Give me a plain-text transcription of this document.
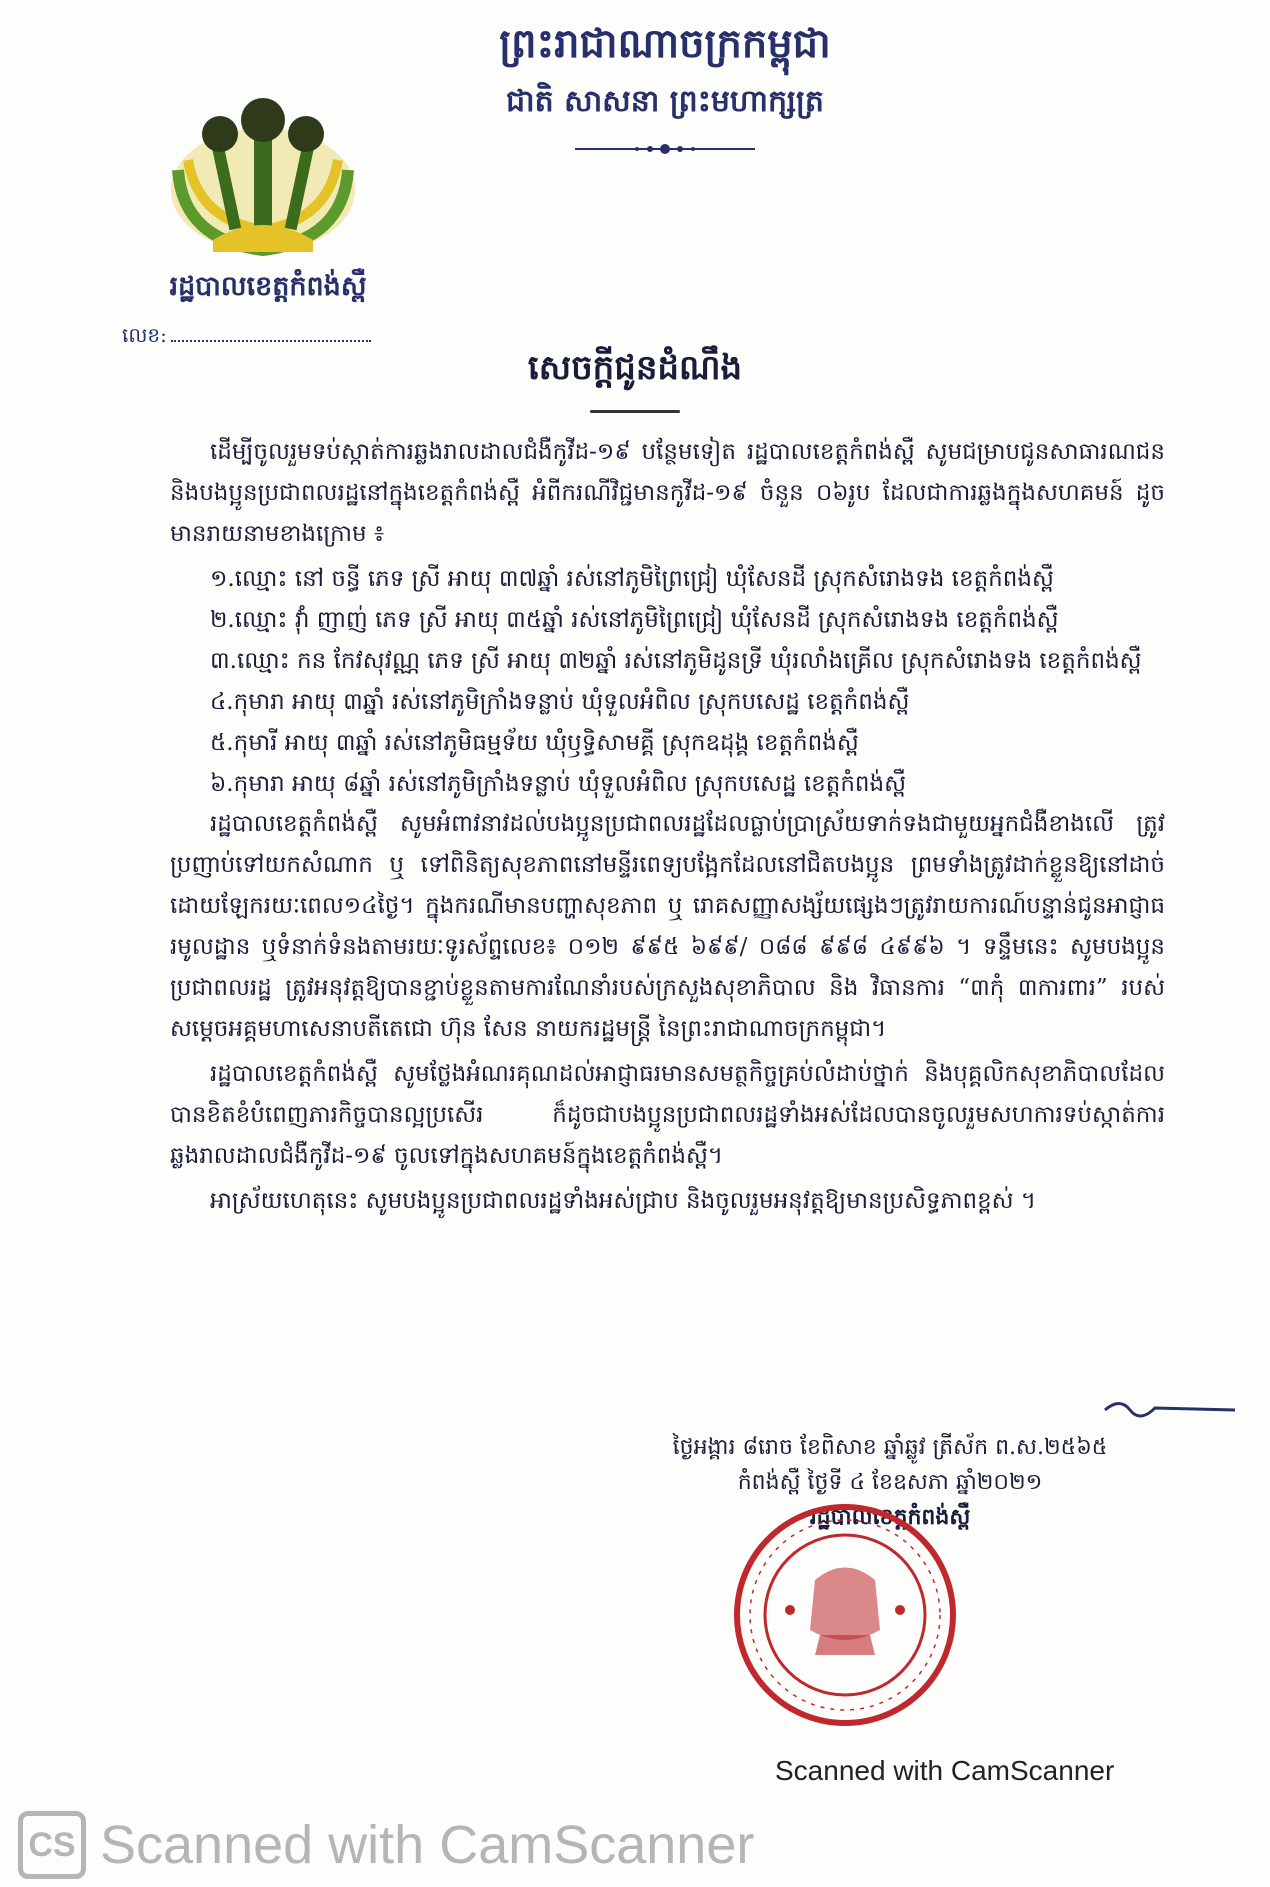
ព្រះរាជាណាចក្រកម្ពុជា
ជាតិ សាសនា ព្រះមហាក្សត្រ
រដ្ឋបាលខេត្តកំពង់ស្ពឺ
លេខ:
សេចក្ដីជូនដំណឹង

ដើម្បីចូលរួមទប់ស្កាត់ការឆ្លងរាលដាលជំងឺកូវីដ-១៩ បន្ថែមទៀត រដ្ឋបាលខេត្តកំពង់ស្ពឺ សូមជម្រាបជូនសាធារណជន និងបងប្អូនប្រជាពលរដ្ឋនៅក្នុងខេត្តកំពង់ស្ពឺ អំពីករណីវិជ្ជមានកូវីដ-១៩ ចំនួន ០៦រូប ដែលជាការឆ្លងក្នុងសហគមន៍ ដូចមានរាយនាមខាងក្រោម ៖

១.ឈ្មោះ នៅ ចន្ធី ភេទ ស្រី អាយុ ៣៧ឆ្នាំ រស់នៅភូមិព្រៃជ្រៀ ឃុំសែនដី ស្រុកសំរោងទង ខេត្តកំពង់ស្ពឺ
២.ឈ្មោះ វ៉ាំ ញាញ់ ភេទ ស្រី អាយុ ៣៥ឆ្នាំ រស់នៅភូមិព្រៃជ្រៀ ឃុំសែនដី ស្រុកសំរោងទង ខេត្តកំពង់ស្ពឺ
៣.ឈ្មោះ កន កែវសុវណ្ណ ភេទ ស្រី អាយុ ៣២ឆ្នាំ រស់នៅភូមិដូនទ្រី ឃុំរលាំងគ្រើល ស្រុកសំរោងទង ខេត្តកំពង់ស្ពឺ
៤.កុមារា អាយុ ៣ឆ្នាំ រស់នៅភូមិក្រាំងទន្លាប់ ឃុំទួលអំពិល ស្រុកបសេដ្ឋ ខេត្តកំពង់ស្ពឺ
៥.កុមារី អាយុ ៣ឆ្នាំ រស់នៅភូមិធម្មទ័យ ឃុំឫទ្ធិសាមគ្គី ស្រុកឧដុង្គ ខេត្តកំពង់ស្ពឺ
៦.កុមារា អាយុ ៨ឆ្នាំ រស់នៅភូមិក្រាំងទន្លាប់ ឃុំទួលអំពិល ស្រុកបសេដ្ឋ ខេត្តកំពង់ស្ពឺ

រដ្ឋបាលខេត្តកំពង់ស្ពឺ សូមអំពាវនាវដល់បងប្អូនប្រជាពលរដ្ឋដែលធ្លាប់ប្រាស្រ័យទាក់ទងជាមួយអ្នកជំងឺខាងលើ ត្រូវប្រញាប់ទៅយកសំណាក ឬ ទៅពិនិត្យសុខភាពនៅមន្ទីរពេទ្យបង្អែកដែលនៅជិតបងប្អូន ព្រមទាំងត្រូវដាក់ខ្លួនឱ្យនៅដាច់ដោយឡែករយៈពេល១៤ថ្ងៃ។ ក្នុងករណីមានបញ្ហាសុខភាព ឬ រោគសញ្ញាសង្ស័យផ្សេងៗត្រូវរាយការណ៍បន្ទាន់ជូនអាជ្ញាធរមូលដ្ឋាន ឬទំនាក់ទំនងតាមរយៈទូរស័ព្ទលេខ៖ ០១២ ៩៩៥ ៦៩៩/ ០៨៨ ៩៩៨ ៤៩៩៦ ។ ទន្ទឹមនេះ សូមបងប្អូនប្រជាពលរដ្ឋ ត្រូវអនុវត្តឱ្យបានខ្ជាប់ខ្លួនតាមការណែនាំរបស់ក្រសួងសុខាភិបាល និង វិធានការ “៣កុំ ៣ការពារ” របស់សម្ដេចអគ្គមហាសេនាបតីតេជោ ហ៊ុន សែន នាយករដ្ឋមន្ត្រី នៃព្រះរាជាណាចក្រកម្ពុជា។

រដ្ឋបាលខេត្តកំពង់ស្ពឺ សូមថ្លែងអំណរគុណដល់អាជ្ញាធរមានសមត្ថកិច្ចគ្រប់លំដាប់ថ្នាក់ និងបុគ្គលិកសុខាភិបាលដែលបានខិតខំបំពេញភារកិច្ចបានល្អប្រសើរ ក៏ដូចជាបងប្អូនប្រជាពលរដ្ឋទាំងអស់ដែលបានចូលរួមសហការទប់ស្កាត់ការឆ្លងរាលដាលជំងឺកូវីដ-១៩ ចូលទៅក្នុងសហគមន៍ក្នុងខេត្តកំពង់ស្ពឺ។

អាស្រ័យហេតុនេះ សូមបងប្អូនប្រជាពលរដ្ឋទាំងអស់ជ្រាប និងចូលរួមអនុវត្តឱ្យមានប្រសិទ្ធភាពខ្ពស់ ។

ថ្ងៃអង្គារ ៨រោច ខែពិសាខ ឆ្នាំឆ្លូវ ត្រីស័ក ព.ស.២៥៦៥
កំពង់ស្ពឺ ថ្ងៃទី ៤ ខែឧសភា ឆ្នាំ២០២១
រដ្ឋបាលខេត្តកំពង់ស្ពឺ
Scanned with CamScanner
CS Scanned with CamScanner
